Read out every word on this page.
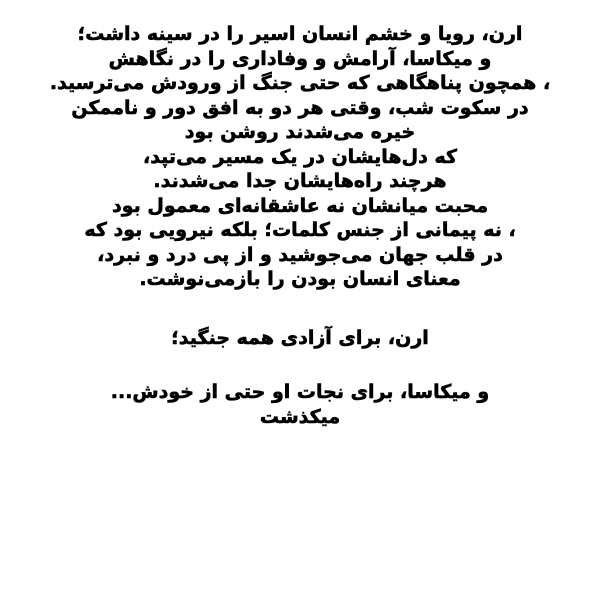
ارن، رویا و خشم انسان اسیر را در سینه داشت؛
و میکاسا، آرامش و وفاداری را در نگاهش
، همچون پناهگاهی که حتی جنگ از ورودش می‌ترسید.
در سکوت شب، وقتی هر دو به افق دور و ناممکن
خیره می‌شدند روشن بود
که دل‌هایشان در یک مسیر می‌تپد،
هرچند راه‌هایشان جدا می‌شدند.
محبت میانشان نه عاشقانه‌ای معمول بود
، نه پیمانی از جنس کلمات؛ بلکه نیرویی بود که
در قلب جهان می‌جوشید و از پی درد و نبرد،
معنای انسان بودن را بازمی‌نوشت.
ارن، برای آزادی همه جنگید؛
و میکاسا، برای نجات او حتی از خودش...
میکذشت
